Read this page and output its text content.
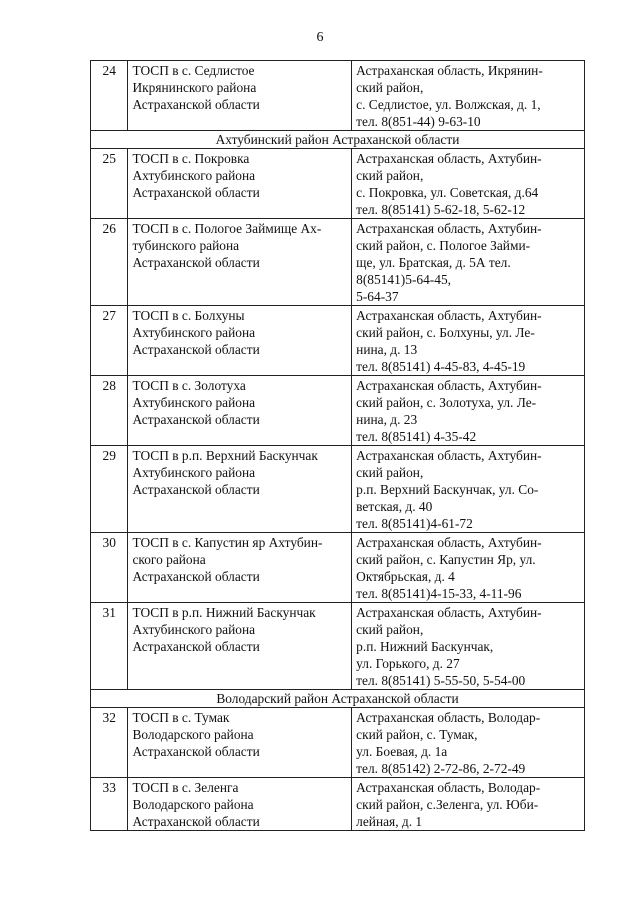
6
24	ТОСП в с. Седлистое
Икрянинского района
Астраханской области	Астраханская область, Икрянин-
ский район,
с. Седлистое, ул. Волжская, д. 1,
тел. 8(851-44) 9-63-10

Ахтубинский район Астраханской области		
25	ТОСП в с. Покровка
Ахтубинского района
Астраханской области	Астраханская область, Ахтубин-
ский район,
с. Покровка, ул. Советская, д.64
тел. 8(85141) 5-62-18, 5-62-12

26	ТОСП в с. Пологое Займище Ах-
тубинского района
Астраханской области	Астраханская область, Ахтубин-
ский район, с. Пологое Займи-
ще, ул. Братская, д. 5А тел.
8(85141)5-64-45,
5-64-37

27	ТОСП в с. Болхуны
Ахтубинского района
Астраханской области	Астраханская область, Ахтубин-
ский район, с. Болхуны, ул. Ле-
нина, д. 13
тел. 8(85141) 4-45-83, 4-45-19

28	ТОСП в с. Золотуха
Ахтубинского района
Астраханской области	Астраханская область, Ахтубин-
ский район, с. Золотуха, ул. Ле-
нина, д. 23
тел. 8(85141) 4-35-42

29	ТОСП в р.п. Верхний Баскунчак
Ахтубинского района
Астраханской области	Астраханская область, Ахтубин-
ский район,
р.п. Верхний Баскунчак, ул. Со-
ветская, д. 40
тел. 8(85141)4-61-72

30	ТОСП в с. Капустин яр Ахтубин-
ского района
Астраханской области	Астраханская область, Ахтубин-
ский район, с. Капустин Яр, ул.
Октябрьская, д. 4
тел. 8(85141)4-15-33, 4-11-96

31	ТОСП в р.п. Нижний Баскунчак
Ахтубинского района
Астраханской области	Астраханская область, Ахтубин-
ский район,
р.п. Нижний Баскунчак,
ул. Горького, д. 27
тел. 8(85141) 5-55-50, 5-54-00

Володарский район Астраханской области		
32	ТОСП в с. Тумак
Володарского района
Астраханской области	Астраханская область, Володар-
ский район, с. Тумак,
ул. Боевая, д. 1а
тел. 8(85142) 2-72-86, 2-72-49

33	ТОСП в с. Зеленга
Володарского района
Астраханской области	Астраханская область, Володар-
ский район, с.Зеленга, ул. Юби-
лейная, д. 1
